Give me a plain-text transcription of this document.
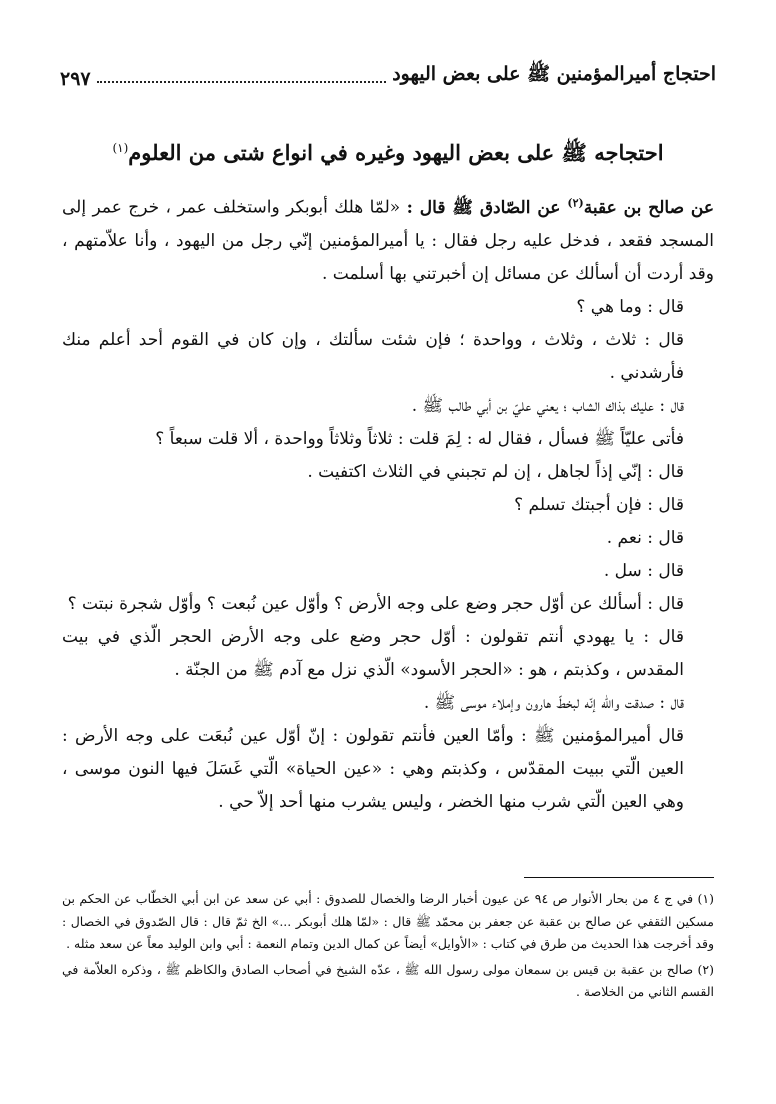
احتجاج أميرالمؤمنين ﷺ على بعض اليهود
٢٩٧
احتجاجه ﷺ على بعض اليهود وغيره في انواع شتى من العلوم$^{(١)}$

عن صالح بن عقبة$^{(٢)}$ عن الصّادق ﷺ قال : «لمّا هلك أبوبكر واستخلف عمر ، خرج عمر إلى المسجد فقعد ، فدخل عليه رجل فقال : يا أميرالمؤمنين إنّي رجل من اليهود ، وأنا علاّمتهم ، وقد أردت أن أسألك عن مسائل إن أخبرتني بها أسلمت .

قال : وما هي ؟

قال : ثلاث ، وثلاث ، وواحدة ؛ فإن شئت سألتك ، وإن كان في القوم أحد أعلم منك فأرشدني .

قال : عليك بذاك الشاب ؛ يعني عليّ بن أبي طالب ﷺ .

فأتى عليّاً ﷺ فسأل ، فقال له : لِمَ قلت : ثلاثاً وثلاثاً وواحدة ، ألا قلت سبعاً ؟

قال : إنّي إذاً لجاهل ، إن لم تجبني في الثلاث اكتفيت .

قال : فإن أجبتك تسلم ؟

قال : نعم .

قال : سل .

قال : أسألك عن أوّل حجر وضع على وجه الأرض ؟ وأوّل عين نُبعت ؟ وأوّل شجرة نبتت ؟

قال : يا يهودي أنتم تقولون : أوّل حجر وضع على وجه الأرض الحجر الّذي في بيت المقدس ، وكذبتم ، هو : «الحجر الأسود» الّذي نزل مع آدم ﷺ من الجنّة .

قال : صدقت والله إنّه لبخطّ هارون وإملاء موسى ﷺ .

قال أميرالمؤمنين ﷺ : وأمّا العين فأنتم تقولون : إنّ أوّل عين نُبعَت على وجه الأرض : العين الّتي ببيت المقدّس ، وكذبتم وهي : «عين الحياة» الّتي غَسَلَ فيها النون موسى ، وهي العين الّتي شرب منها الخضر ، وليس يشرب منها أحد إلاّ حي .

(١) في ج ٤ من بحار الأنوار ص ٩٤ عن عيون أخبار الرضا والخصال للصدوق : أبي عن سعد عن ابن أبي الخطّاب عن الحكم بن مسكين الثقفي عن صالح بن عقبة عن جعفر بن محمّد ﷺ قال : «لمّا هلك أبوبكر ...» الخ ثمّ قال : قال الصّدوق في الخصال : وقد أخرجت هذا الحديث من طرق في كتاب : «الأوايل» أيضاً عن كمال الدين وتمام النعمة : أبي وابن الوليد معاً عن سعد مثله .

(٢) صالح بن عقبة بن قيس بن سمعان مولى رسول الله ﷺ ، عدّه الشيخ في أصحاب الصادق والكاظم ﷺ ، وذكره العلاّمة في القسم الثاني من الخلاصة .
